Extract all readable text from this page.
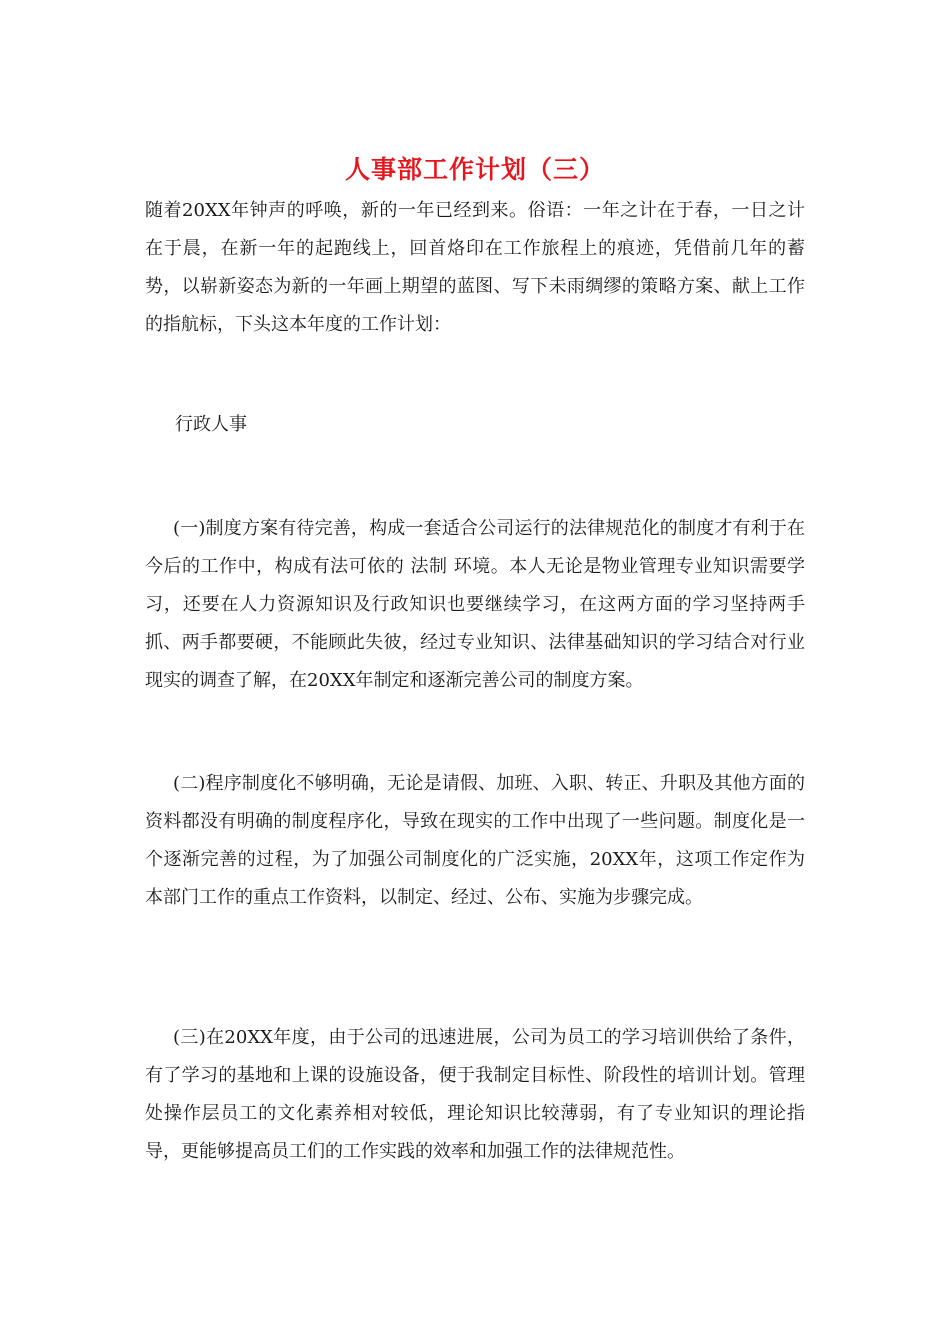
人事部工作计划（三）

随着20XX年钟声的呼唤，新的一年已经到来。俗语：一年之计在于春，一日之计在于晨，在新一年的起跑线上，回首烙印在工作旅程上的痕迹，凭借前几年的蓄势，以崭新姿态为新的一年画上期望的蓝图、写下未雨绸缪的策略方案、献上工作的指航标，下头这本年度的工作计划：

行政人事

(一)制度方案有待完善，构成一套适合公司运行的法律规范化的制度才有利于在今后的工作中，构成有法可依的 法制 环境。本人无论是物业管理专业知识需要学习，还要在人力资源知识及行政知识也要继续学习，在这两方面的学习坚持两手抓、两手都要硬，不能顾此失彼，经过专业知识、法律基础知识的学习结合对行业现实的调查了解，在20XX年制定和逐渐完善公司的制度方案。

(二)程序制度化不够明确，无论是请假、加班、入职、转正、升职及其他方面的资料都没有明确的制度程序化，导致在现实的工作中出现了一些问题。制度化是一个逐渐完善的过程，为了加强公司制度化的广泛实施，20XX年，这项工作定作为本部门工作的重点工作资料，以制定、经过、公布、实施为步骤完成。

(三)在20XX年度，由于公司的迅速进展，公司为员工的学习培训供给了条件，有了学习的基地和上课的设施设备，便于我制定目标性、阶段性的培训计划。管理处操作层员工的文化素养相对较低，理论知识比较薄弱，有了专业知识的理论指导，更能够提高员工们的工作实践的效率和加强工作的法律规范性。
